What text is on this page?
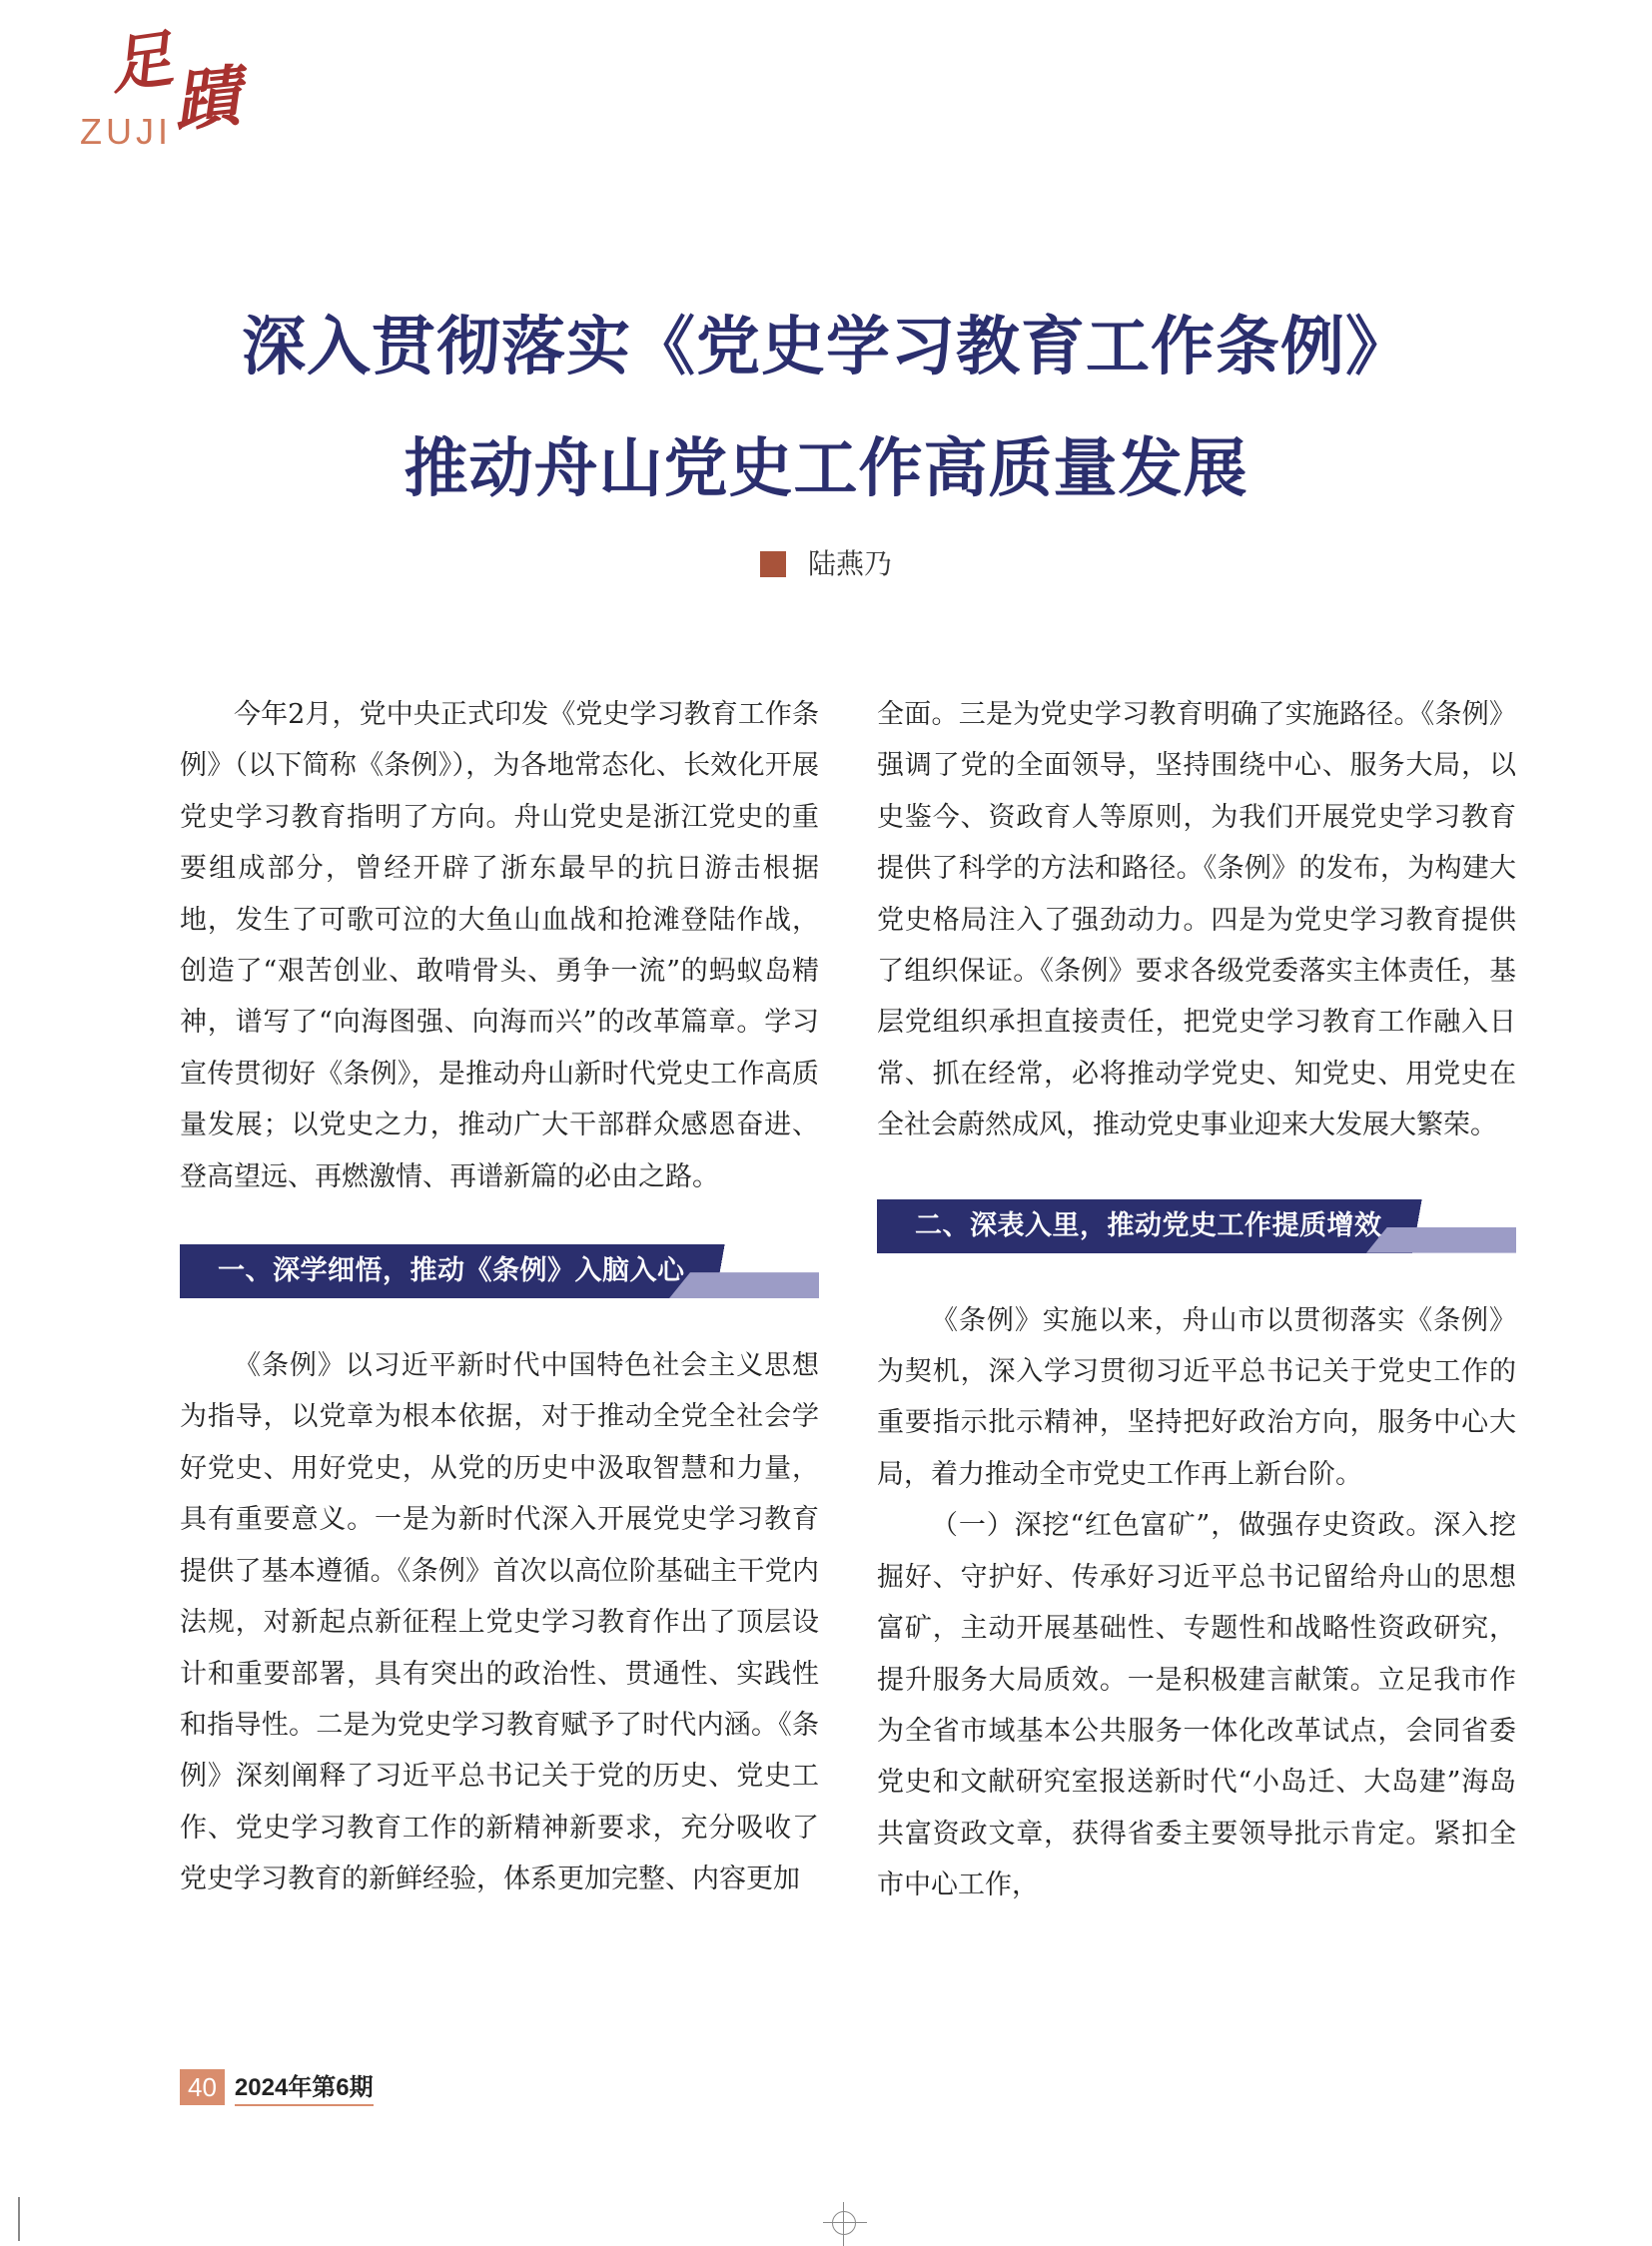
足
蹟
ZUJI
深入贯彻落实《党史学习教育工作条例》
推动舟山党史工作高质量发展
陆燕乃

今年2月，党中央正式印发《党史学习教育工作条例》（以下简称《条例》），为各地常态化、长效化开展党史学习教育指明了方向。舟山党史是浙江党史的重要组成部分，曾经开辟了浙东最早的抗日游击根据地，发生了可歌可泣的大鱼山血战和抢滩登陆作战，创造了“艰苦创业、敢啃骨头、勇争一流”的蚂蚁岛精神，谱写了“向海图强、向海而兴”的改革篇章。学习宣传贯彻好《条例》，是推动舟山新时代党史工作高质量发展；以党史之力，推动广大干部群众感恩奋进、登高望远、再燃激情、再谱新篇的必由之路。

一、深学细悟，推动《条例》入脑入心

《条例》以习近平新时代中国特色社会主义思想为指导，以党章为根本依据，对于推动全党全社会学好党史、用好党史，从党的历史中汲取智慧和力量，具有重要意义。一是为新时代深入开展党史学习教育提供了基本遵循。《条例》首次以高位阶基础主干党内法规，对新起点新征程上党史学习教育作出了顶层设计和重要部署，具有突出的政治性、贯通性、实践性和指导性。二是为党史学习教育赋予了时代内涵。《条例》深刻阐释了习近平总书记关于党的历史、党史工作、党史学习教育工作的新精神新要求，充分吸收了党史学习教育的新鲜经验，体系更加完整、内容更加

全面。三是为党史学习教育明确了实施路径。《条例》强调了党的全面领导，坚持围绕中心、服务大局，以史鉴今、资政育人等原则，为我们开展党史学习教育提供了科学的方法和路径。《条例》的发布，为构建大党史格局注入了强劲动力。四是为党史学习教育提供了组织保证。《条例》要求各级党委落实主体责任，基层党组织承担直接责任，把党史学习教育工作融入日常、抓在经常，必将推动学党史、知党史、用党史在全社会蔚然成风，推动党史事业迎来大发展大繁荣。

二、深表入里，推动党史工作提质增效

《条例》实施以来，舟山市以贯彻落实《条例》为契机，深入学习贯彻习近平总书记关于党史工作的重要指示批示精神，坚持把好政治方向，服务中心大局，着力推动全市党史工作再上新台阶。

（一）深挖“红色富矿”，做强存史资政。深入挖掘好、守护好、传承好习近平总书记留给舟山的思想富矿，主动开展基础性、专题性和战略性资政研究，提升服务大局质效。一是积极建言献策。立足我市作为全省市域基本公共服务一体化改革试点，会同省委党史和文献研究室报送新时代“小岛迁、大岛建”海岛共富资政文章，获得省委主要领导批示肯定。紧扣全市中心工作，

40 2024年第6期
